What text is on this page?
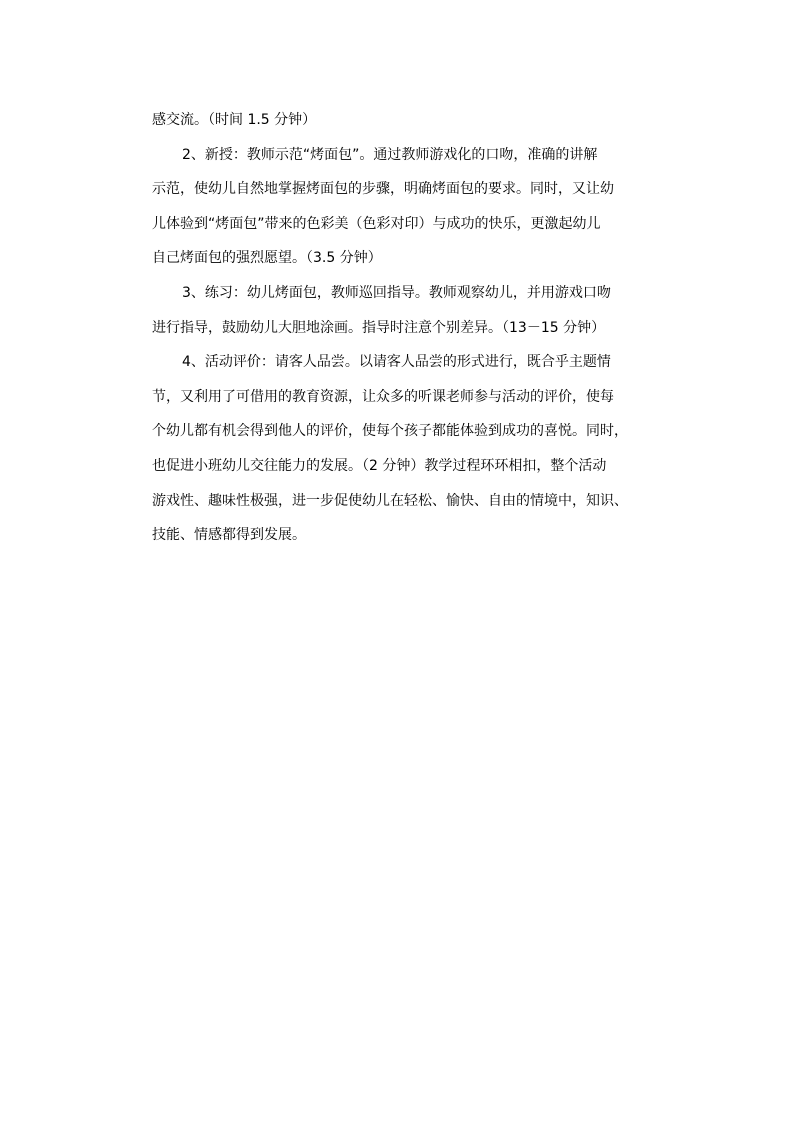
感交流。（时间 1.5 分钟）
2、新授：教师示范“烤面包”。通过教师游戏化的口吻，准确的讲解
示范，使幼儿自然地掌握烤面包的步骤，明确烤面包的要求。同时，又让幼
儿体验到“烤面包”带来的色彩美（色彩对印）与成功的快乐，更激起幼儿
自己烤面包的强烈愿望。（3.5 分钟）
3、练习：幼儿烤面包，教师巡回指导。教师观察幼儿，并用游戏口吻
进行指导，鼓励幼儿大胆地涂画。指导时注意个别差异。（13－15 分钟）
4、活动评价：请客人品尝。以请客人品尝的形式进行，既合乎主题情
节，又利用了可借用的教育资源，让众多的听课老师参与活动的评价，使每
个幼儿都有机会得到他人的评价，使每个孩子都能体验到成功的喜悦。同时，
也促进小班幼儿交往能力的发展。（2 分钟）教学过程环环相扣，整个活动
游戏性、趣味性极强，进一步促使幼儿在轻松、愉快、自由的情境中，知识、
技能、情感都得到发展。
